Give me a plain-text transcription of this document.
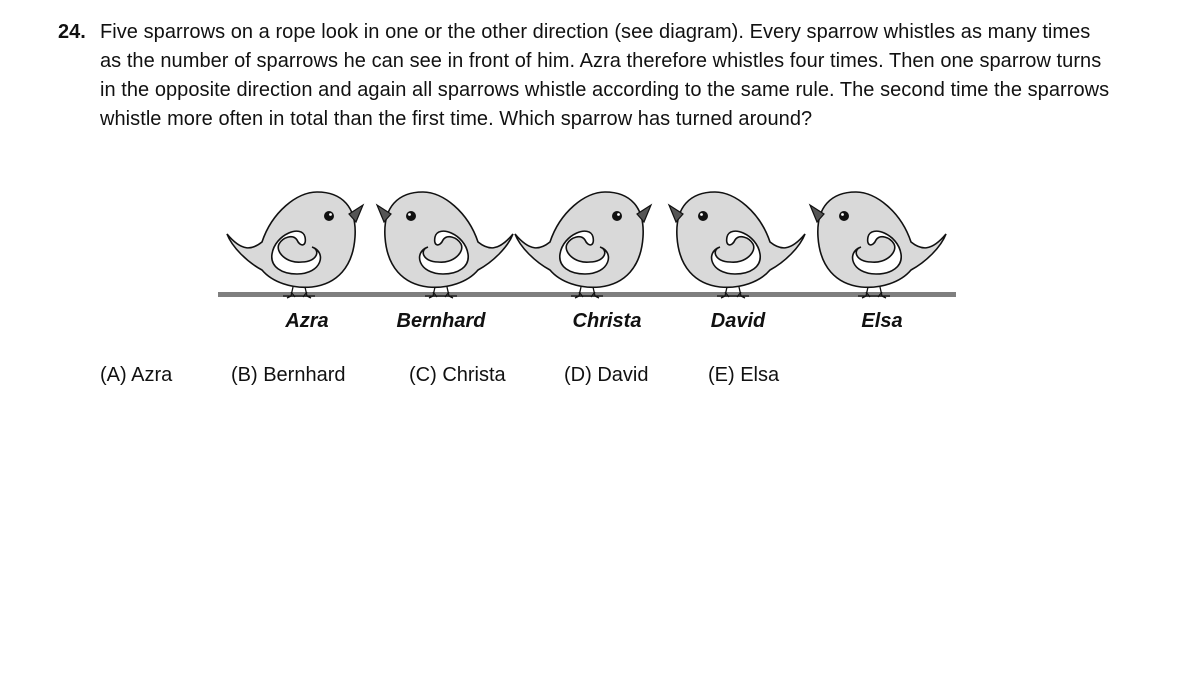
24. Five sparrows on a rope look in one or the other direction (see diagram). Every sparrow whistles as many times as the number of sparrows he can see in front of him. Azra therefore whistles four times. Then one sparrow turns in the opposite direction and again all sparrows whistle according to the same rule. The second time the sparrows whistle more often in total than the first time. Which sparrow has turned around?
Azra	Bernhard	Christa	David	Elsa
(A) Azra	(B) Bernhard	(C) Christa	(D) David	(E) Elsa
